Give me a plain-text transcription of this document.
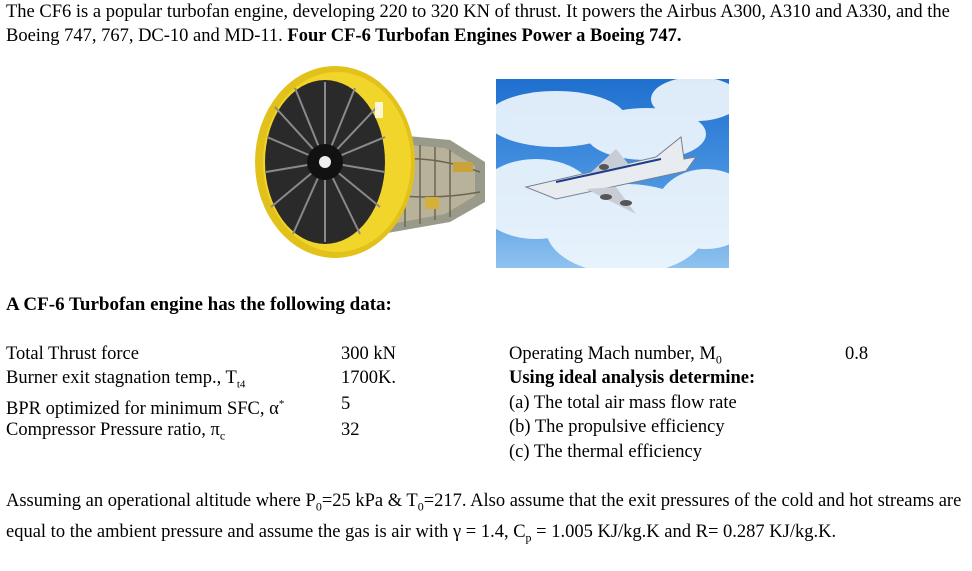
The CF6 is a popular turbofan engine, developing 220 to 320 KN of thrust. It powers the Airbus A300, A310 and A330, and the Boeing 747, 767, DC-10 and MD-11. Four CF-6 Turbofan Engines Power a Boeing 747.
A CF-6 Turbofan engine has the following data:
Total Thrust force	300 kN
Burner exit stagnation temp., $T_{t4}$	1700K.
BPR optimized for minimum SFC, α*	5
Compressor Pressure ratio, $\pi_c$	32
Operating Mach number, $M_0$	0.8
Using ideal analysis determine:
(a) The total air mass flow rate
(b) The propulsive efficiency
(c) The thermal efficiency
Assuming an operational altitude where $P_0=25$ kPa & $T_0=217$. Also assume that the exit pressures of the cold and hot streams are equal to the ambient pressure and assume the gas is air with γ = 1.4, $C_p = 1.005$ KJ/kg.K and R= 0.287 KJ/kg.K.
